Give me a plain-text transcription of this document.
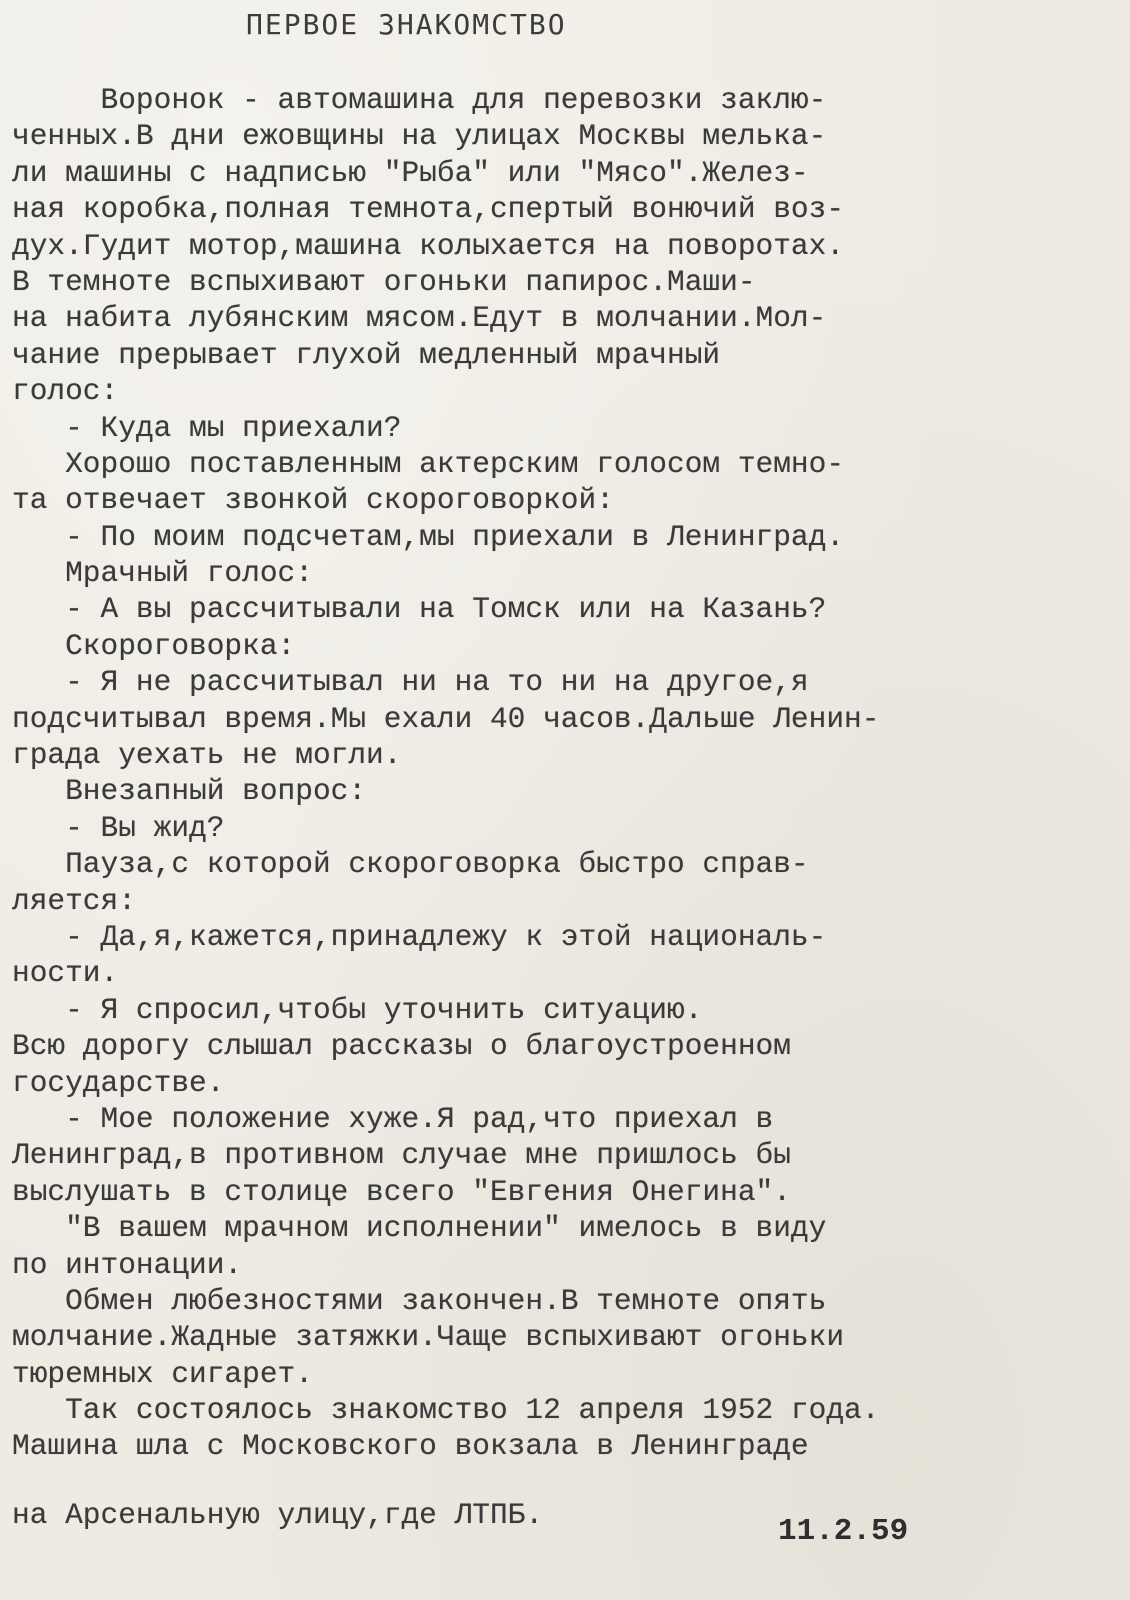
ПЕРВОЕ ЗНАКОМСТВО
Воронок - автомашина для перевозки заклю-
ченных.В дни ежовщины на улицах Москвы мелька-
ли машины с надписью "Рыба" или "Мясо".Желез-
ная коробка,полная темнота,спертый вонючий воз-
дух.Гудит мотор,машина колыхается на поворотах.
В темноте вспыхивают огоньки папирос.Маши-
на набита лубянским мясом.Едут в молчании.Мол-
чание прерывает глухой медленный мрачный
голос:
- Куда мы приехали?
Хорошо поставленным актерским голосом темно-
та отвечает звонкой скороговоркой:
- По моим подсчетам,мы приехали в Ленинград.
Мрачный голос:
- А вы рассчитывали на Томск или на Казань?
Скороговорка:
- Я не рассчитывал ни на то ни на другое,я
подсчитывал время.Мы ехали 40 часов.Дальше Ленин-
града уехать не могли.
Внезапный вопрос:
- Вы жид?
Пауза,с которой скороговорка быстро справ-
ляется:
- Да,я,кажется,принадлежу к этой националь-
ности.
- Я спросил,чтобы уточнить ситуацию.
Всю дорогу слышал рассказы о благоустроенном
государстве.
- Мое положение хуже.Я рад,что приехал в
Ленинград,в противном случае мне пришлось бы
выслушать в столице всего "Евгения Онегина".
"В вашем мрачном исполнении" имелось в виду
по интонации.
Обмен любезностями закончен.В темноте опять
молчание.Жадные затяжки.Чаще вспыхивают огоньки
тюремных сигарет.
Так состоялось знакомство 12 апреля 1952 года.
Машина шла с Московского вокзала в Ленинграде
на Арсенальную улицу,где ЛТПБ.	11.2.59
